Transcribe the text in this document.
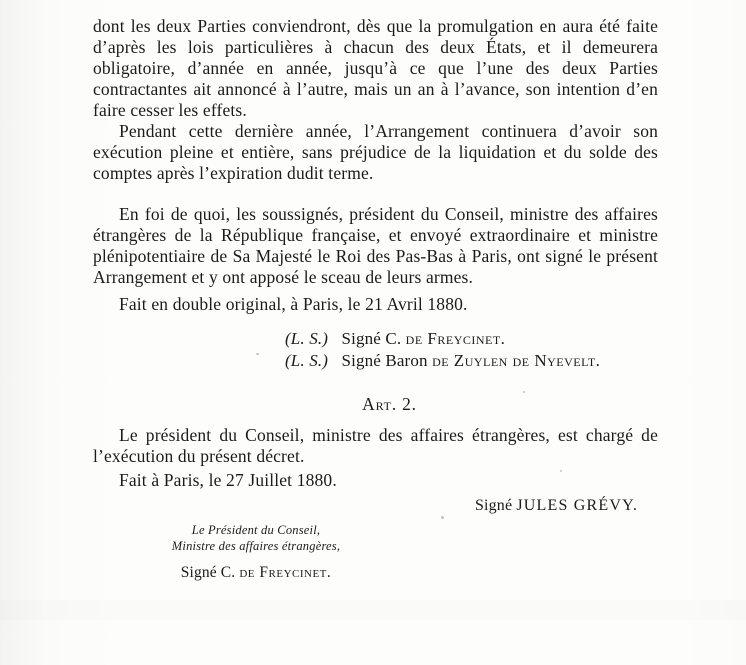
dont les deux Parties conviendront, dès que la promulgation en aura été faite d’après les lois particulières à chacun des deux États, et il demeurera obligatoire, d’année en année, jusqu’à ce que l’une des deux Parties contractantes ait annoncé à l’autre, mais un an à l’avance, son intention d’en faire cesser les effets.

Pendant cette dernière année, l’Arrangement continuera d’avoir son exécution pleine et entière, sans préjudice de la liquidation et du solde des comptes après l’expiration dudit terme.

En foi de quoi, les soussignés, président du Conseil, ministre des affaires étrangères de la République française, et envoyé extraordinaire et ministre plénipotentiaire de Sa Majesté le Roi des Pas-Bas à Paris, ont signé le présent Arrangement et y ont apposé le sceau de leurs armes.

Fait en double original, à Paris, le 21 Avril 1880.

(L. S.) Signé C. de Freycinet.
(L. S.) Signé Baron de Zuylen de Nyevelt.
Art. 2.

Le président du Conseil, ministre des affaires étrangères, est chargé de l’exécution du présent décret.

Fait à Paris, le 27 Juillet 1880.

Signé JULES GRÉVY.
Le Président du Conseil,
Ministre des affaires étrangères,
Signé C. de Freycinet.
